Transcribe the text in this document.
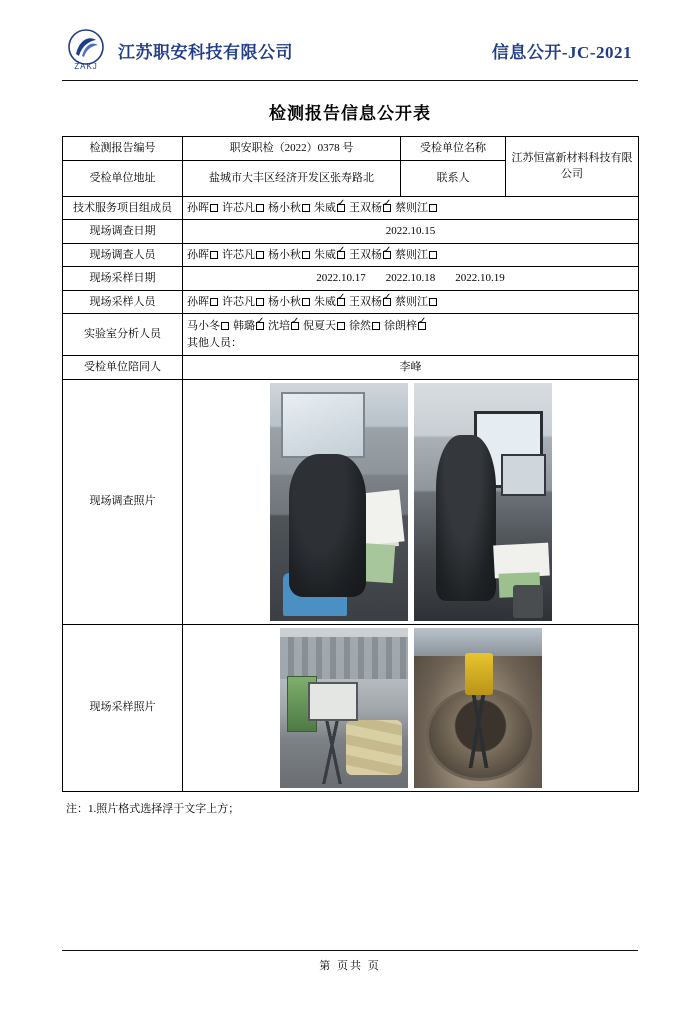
ZAKJ
江苏职安科技有限公司	信息公开-JC-2021
检测报告信息公开表
检测报告编号	职安职检（2022）0378 号	受检单位名称	江苏恒富新材料科技有限公司
受检单位地址	盐城市大丰区经济开发区张寿路北	联系人	

技术服务项目组成员	孙晖 许芯凡 杨小秋 朱威 ✓ 王双杨 ✓ 蔡则江
现场调查日期	2022.10.15		
现场调查人员	孙晖 许芯凡 杨小秋 朱威 ✓ 王双杨 ✓ 蔡则江
现场采样日期	2022.10.17 2022.10.18 2022.10.19		
现场采样人员	孙晖 许芯凡 杨小秋 朱威 ✓ 王双杨 ✓ 蔡则江
实验室分析人员	马小冬 韩璐 ✓ 沈培 ✓ 倪夏天 徐然 徐朗梓✓
其他人员：

受检单位陪同人	李峰		
现场调查照片			

现场采样照片			
注：1.照片格式选择浮于文字上方；
第 页共 页
